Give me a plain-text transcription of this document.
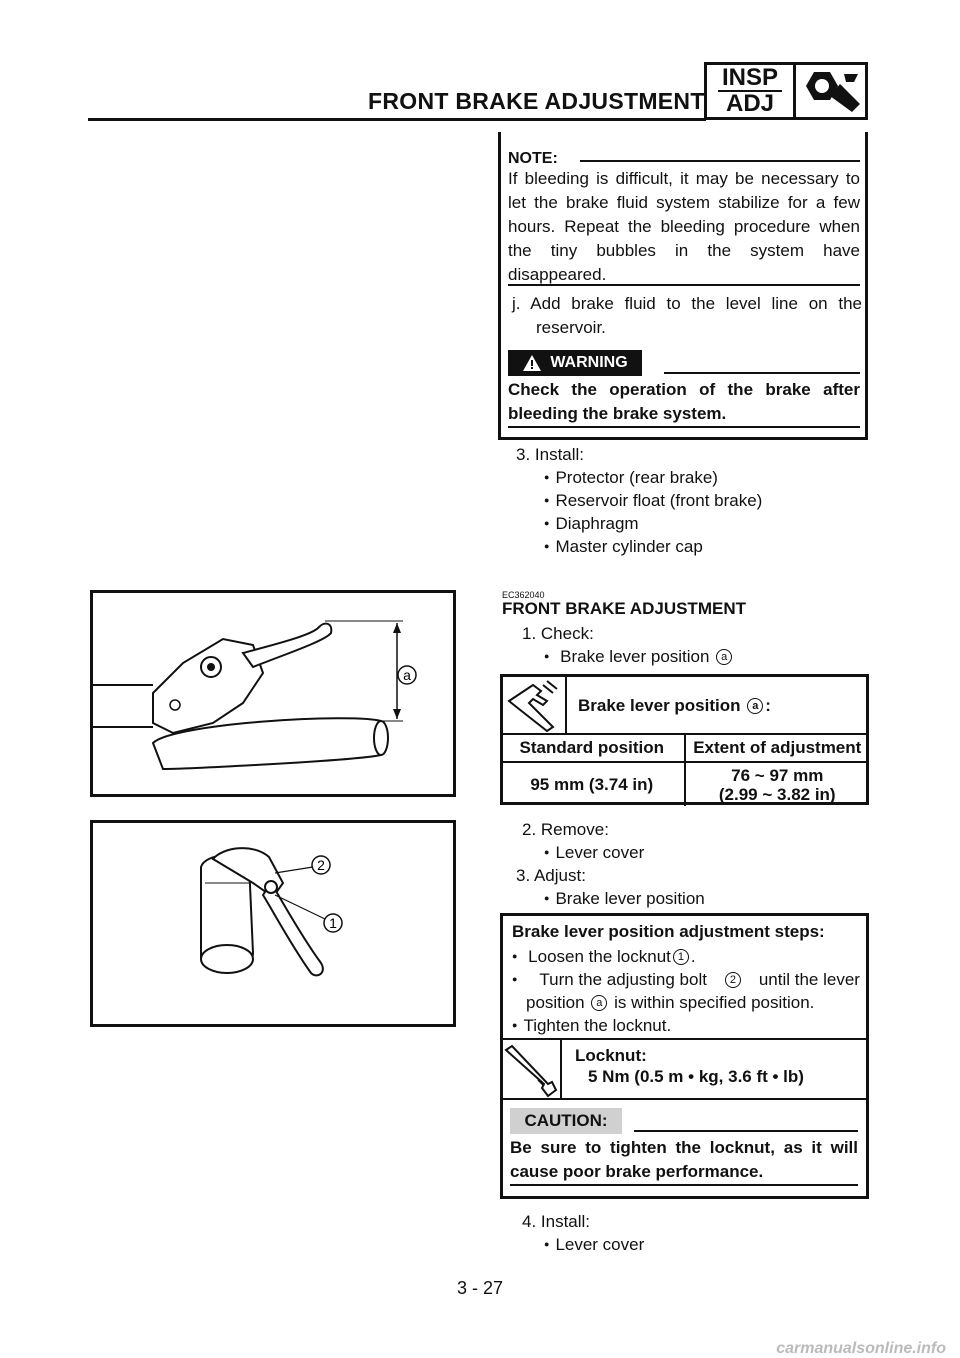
FRONT BRAKE ADJUSTMENT
INSP
ADJ
NOTE:
If bleeding is difficult, it may be necessary to let the brake fluid system stabilize for a few hours. Repeat the bleeding procedure when the tiny bubbles in the system have disappeared.
j. Add brake fluid to the level line on the reservoir.
WARNING
Check the operation of the brake after bleeding the brake system.
3. Install:
● Protector (rear brake)
● Reservoir float (front brake)
● Diaphragm
● Master cylinder cap
EC362040
FRONT BRAKE ADJUSTMENT
1. Check:
● Brake lever position a
a
Brake lever position a :
Standard position	Extent of adjustment
95 mm (3.74 in)	76 ~ 97 mm
(2.99 ~ 3.82 in)
2
1
2. Remove:
● Lever cover
3. Adjust:
● Brake lever position
Brake lever position adjustment steps:
● Loosen the locknut 1 .
● Turn the adjusting bolt	2 until the lever
position a is within specified position.
● Tighten the locknut.
Locknut:
5 Nm (0.5 m • kg, 3.6 ft • lb)
CAUTION:
Be sure to tighten the locknut, as it will cause poor brake performance.
4. Install:
● Lever cover
3 - 27
carmanualsonline.info
